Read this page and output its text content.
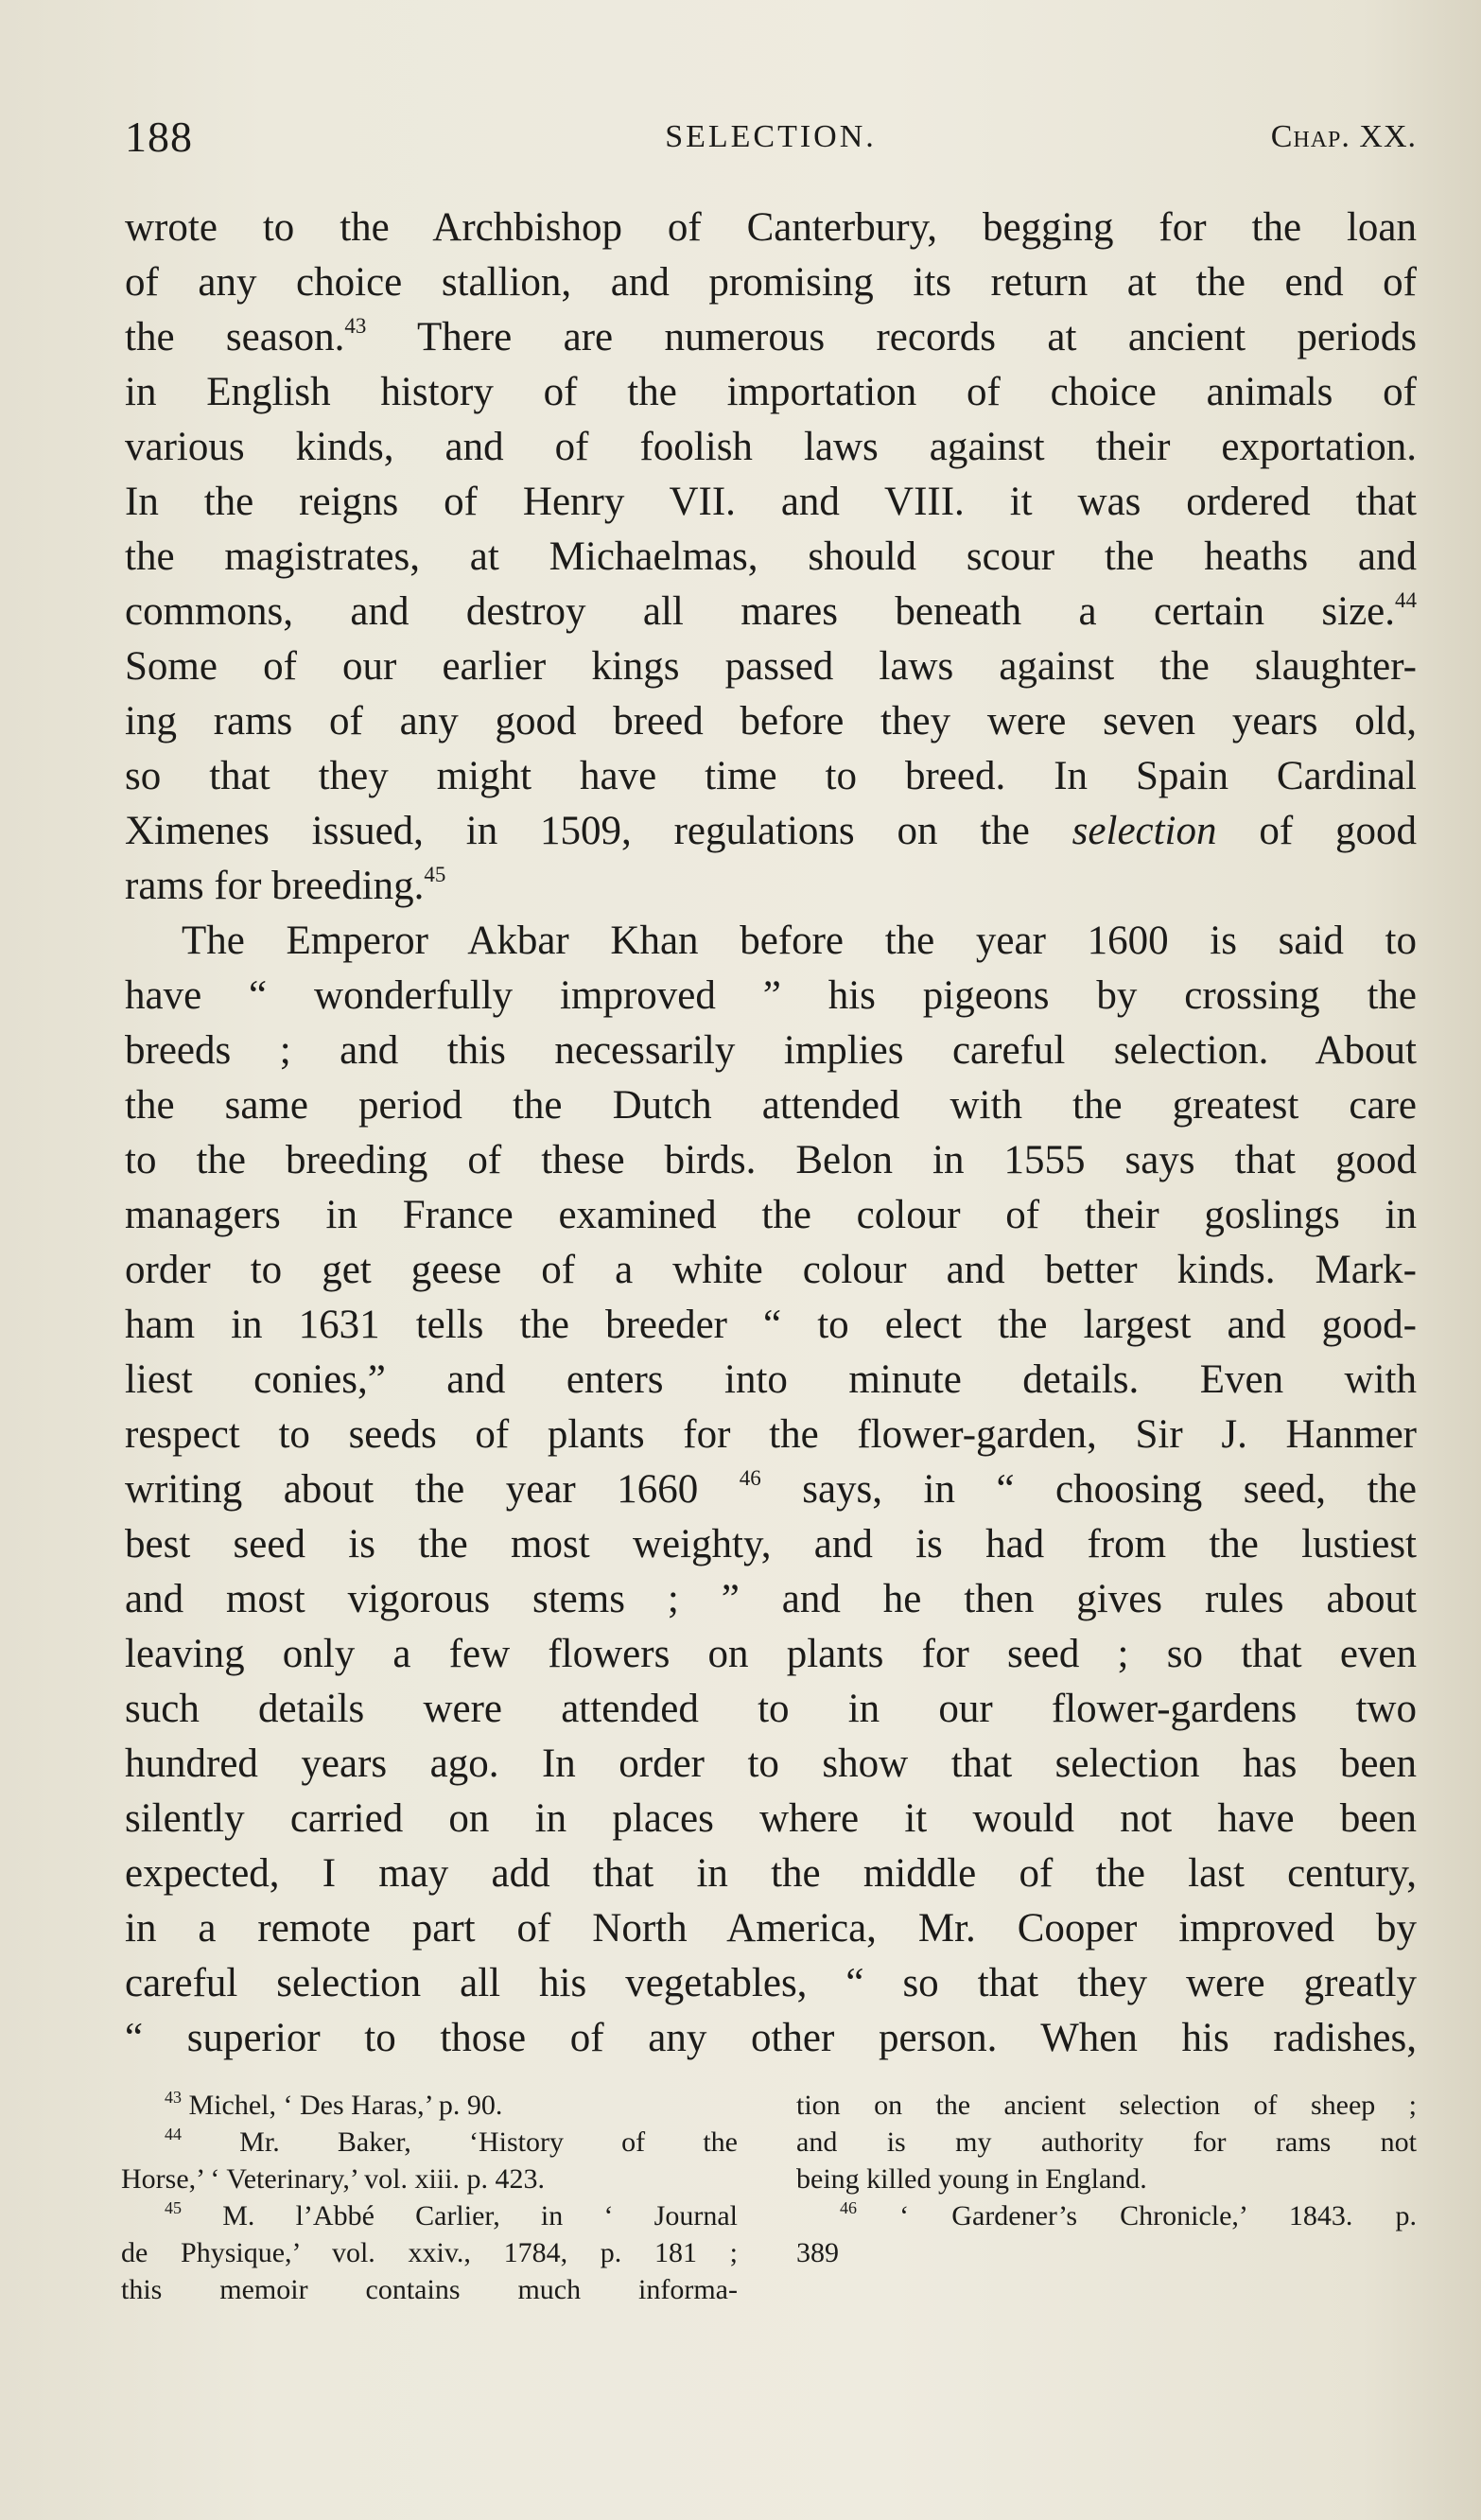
188	SELECTION.	Chap. XX.
wrote to the Archbishop of Canterbury, begging for the loan
of any choice stallion, and promising its return at the end of
the season.$^{43}$ There are numerous records at ancient periods
in English history of the importation of choice animals of
various kinds, and of foolish laws against their exportation.
In the reigns of Henry VII. and VIII. it was ordered that
the magistrates, at Michaelmas, should scour the heaths and
commons, and destroy all mares beneath a certain size.$^{44}$
Some of our earlier kings passed laws against the slaughter-
ing rams of any good breed before they were seven years old,
so that they might have time to breed. In Spain Cardinal
Ximenes issued, in 1509, regulations on the selection of good
rams for breeding.$^{45}$
The Emperor Akbar Khan before the year 1600 is said to
have “ wonderfully improved ” his pigeons by crossing the
breeds ; and this necessarily implies careful selection. About
the same period the Dutch attended with the greatest care
to the breeding of these birds. Belon in 1555 says that good
managers in France examined the colour of their goslings in
order to get geese of a white colour and better kinds. Mark-
ham in 1631 tells the breeder “ to elect the largest and good-
liest conies,” and enters into minute details. Even with
respect to seeds of plants for the flower-garden, Sir J. Hanmer
writing about the year 1660 $^{46}$ says, in “ choosing seed, the
best seed is the most weighty, and is had from the lustiest
and most vigorous stems ; ” and he then gives rules about
leaving only a few flowers on plants for seed ; so that even
such details were attended to in our flower-gardens two
hundred years ago. In order to show that selection has been
silently carried on in places where it would not have been
expected, I may add that in the middle of the last century,
in a remote part of North America, Mr. Cooper improved by
careful selection all his vegetables, “ so that they were greatly
“ superior to those of any other person. When his radishes,
$^{43}$ Michel, ‘ Des Haras,’ p. 90.
$^{44}$ Mr. Baker, ‘History of the
Horse,’ ‘ Veterinary,’ vol. xiii. p. 423.
$^{45}$ M. l’Abbé Carlier, in ‘ Journal
de Physique,’ vol. xxiv., 1784, p. 181 ;
this memoir contains much informa-
tion on the ancient selection of sheep ;
and is my authority for rams not
being killed young in England.
$^{46}$ ‘ Gardener’s Chronicle,’ 1843. p.
389
